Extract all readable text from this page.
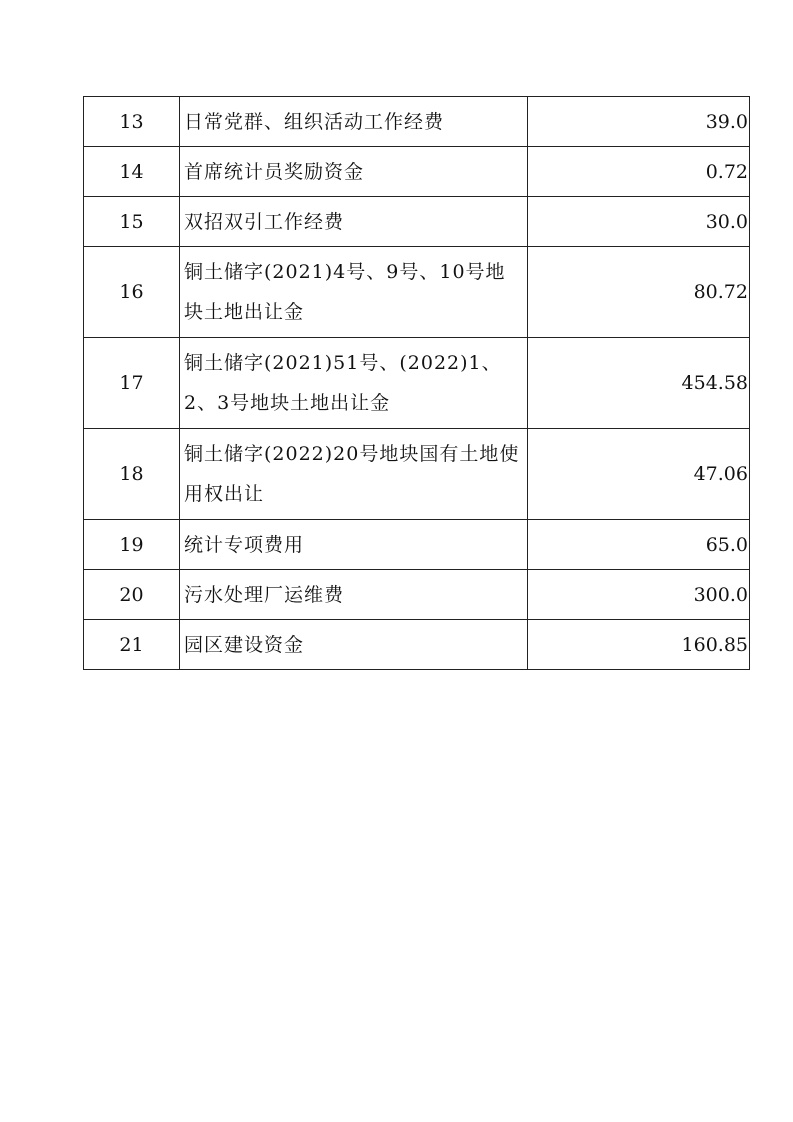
13	日常党群、组织活动工作经费	39.0
14	首席统计员奖励资金	0.72
15	双招双引工作经费	30.0
16	铜土储字(2021)4号、9号、10号地块土地出让金	80.72
17	铜土储字(2021)51号、(2022)1、2、3号地块土地出让金	454.58
18	铜土储字(2022)20号地块国有土地使用权出让	47.06
19	统计专项费用	65.0
20	污水处理厂运维费	300.0
21	园区建设资金	160.85
